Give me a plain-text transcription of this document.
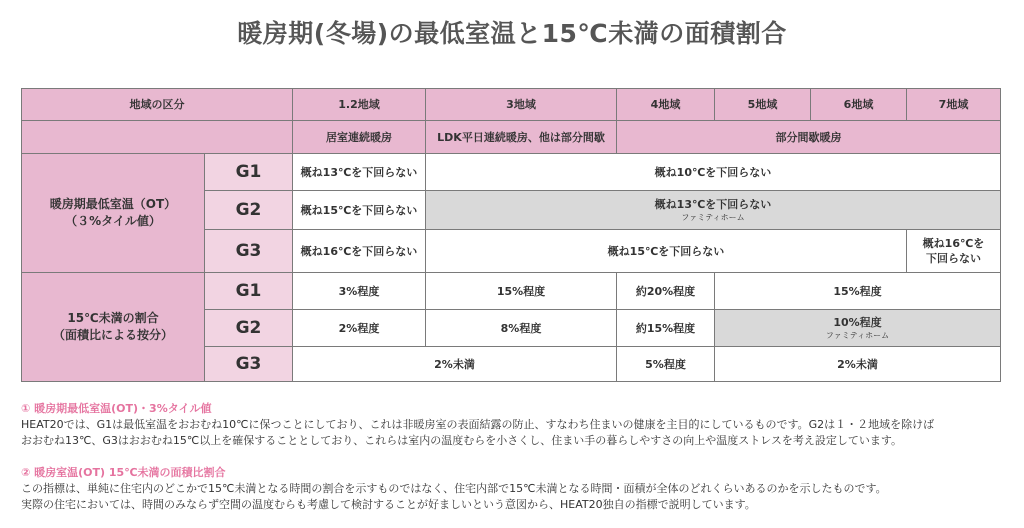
暖房期(冬場)の最低室温と15℃未満の面積割合
地域の区分		1.2地域	3地域	4地域	5地域	6地域	7地域
		居室連続暖房	LDK平日連続暖房、他は部分間歇	部分間歇暖房			
暖房期最低室温（OT）
（３%タイル値）	G1	概ね13℃を下回らない	概ね10℃を下回らない				
	G2	概ね15℃を下回らない	概ね13℃を下回らない
ファミティホーム				

	G3	概ね16℃を下回らない	概ね15℃を下回らない				概ね16℃を
下回らない
15℃未満の割合
（面積比による按分）	G1	3%程度	15%程度	約20%程度	15%程度		
	G2	2%程度	8%程度	約15%程度	10%程度
ファミティホーム		

	G3	2%未満		5%程度	2%未満		
① 暖房期最低室温(OT)・3%タイル値
HEAT20では、G1は最低室温をおおむね10℃に保つことにしており、これは非暖房室の表面結露の防止、すなわち住まいの健康を主目的にしているものです。G2は１・２地域を除けば
おおむね13℃、G3はおおむね15℃以上を確保することとしており、これらは室内の温度むらを小さくし、住まい手の暮らしやすさの向上や温度ストレスを考え設定しています。
② 暖房室温(OT) 15℃未満の面積比割合
この指標は、単純に住宅内のどこかで15℃未満となる時間の割合を示すものではなく、住宅内部で15℃未満となる時間・面積が全体のどれくらいあるのかを示したものです。
実際の住宅においては、時間のみならず空間の温度むらも考慮して検討することが好ましいという意図から、HEAT20独自の指標で説明しています。
